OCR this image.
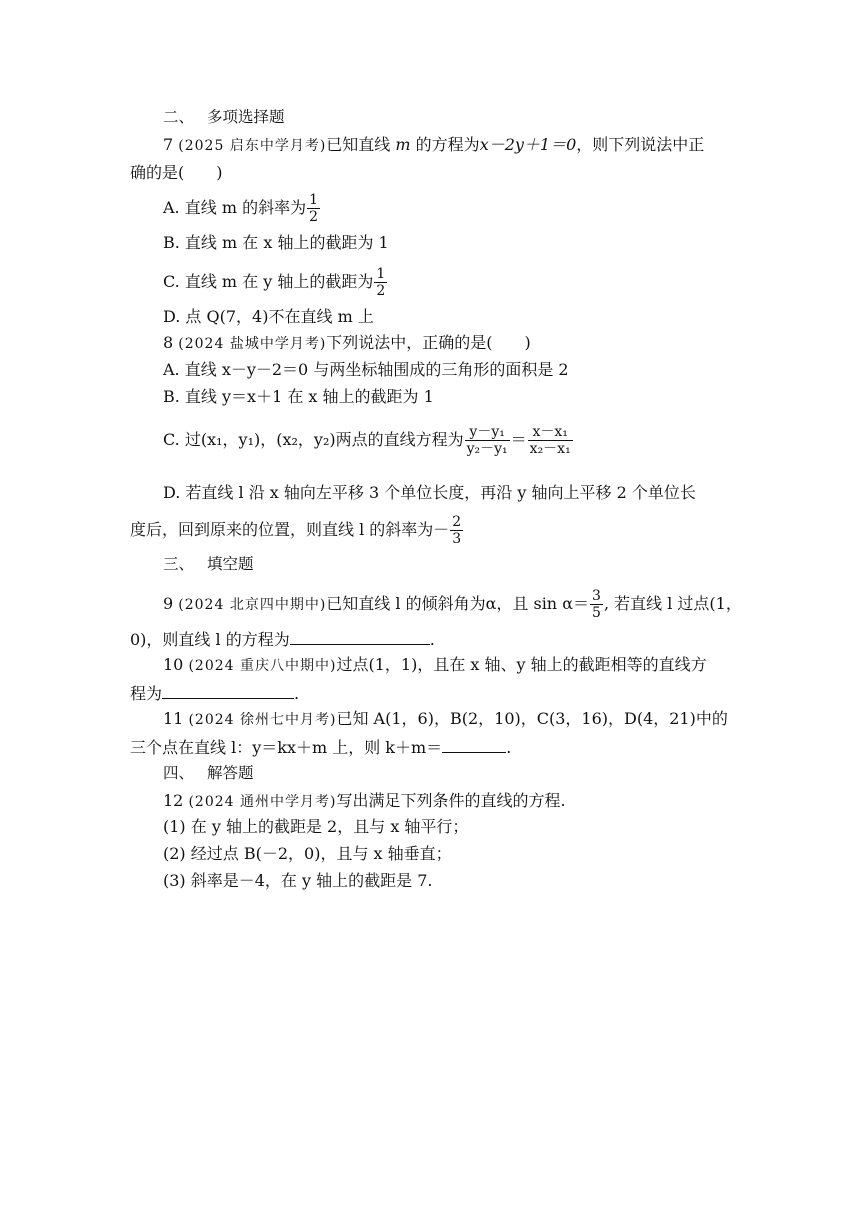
二、 多项选择题
7 (2025 启东中学月考)已知直线 m 的方程为x－2y＋1＝0，则下列说法中正
确的是(　　)
A. 直线 m 的斜率为 $\frac{1}{2}$
B. 直线 m 在 x 轴上的截距为 1
C. 直线 m 在 y 轴上的截距为 $\frac{1}{2}$
D. 点 Q(7，4)不在直线 m 上
8 (2024 盐城中学月考)下列说法中，正确的是(　　)
A. 直线 x－y－2＝0 与两坐标轴围成的三角形的面积是 2
B. 直线 y＝x＋1 在 x 轴上的截距为 1
C. 过(x₁，y₁)，(x₂，y₂)两点的直线方程为 $\frac{\text{y－y₁}}{\text{y₂－y₁}} = \frac{\text{x－x₁}}{\text{x₂－x₁}}$
D. 若直线 l 沿 x 轴向左平移 3 个单位长度，再沿 y 轴向上平移 2 个单位长
度后，回到原来的位置，则直线 l 的斜率为－ $\frac{2}{3}$
三、 填空题
9 (2024 北京四中期中)已知直线 l 的倾斜角为α，且 $\sin \alpha= \frac{3}{5}$ , 若直线 l 过点(1，
0)，则直线 l 的方程为	.
10 (2024 重庆八中期中)过点(1，1)，且在 x 轴、y 轴上的截距相等的直线方
程为	.
11 (2024 徐州七中月考)已知 A(1，6)，B(2，10)，C(3，16)，D(4，21)中的
三个点在直线 l：y＝kx＋m 上，则 k＋m＝	.
四、 解答题
12 (2024 通州中学月考)写出满足下列条件的直线的方程.
(1) 在 y 轴上的截距是 2，且与 x 轴平行；
(2) 经过点 B(－2，0)，且与 x 轴垂直；
(3) 斜率是－4，在 y 轴上的截距是 7.
